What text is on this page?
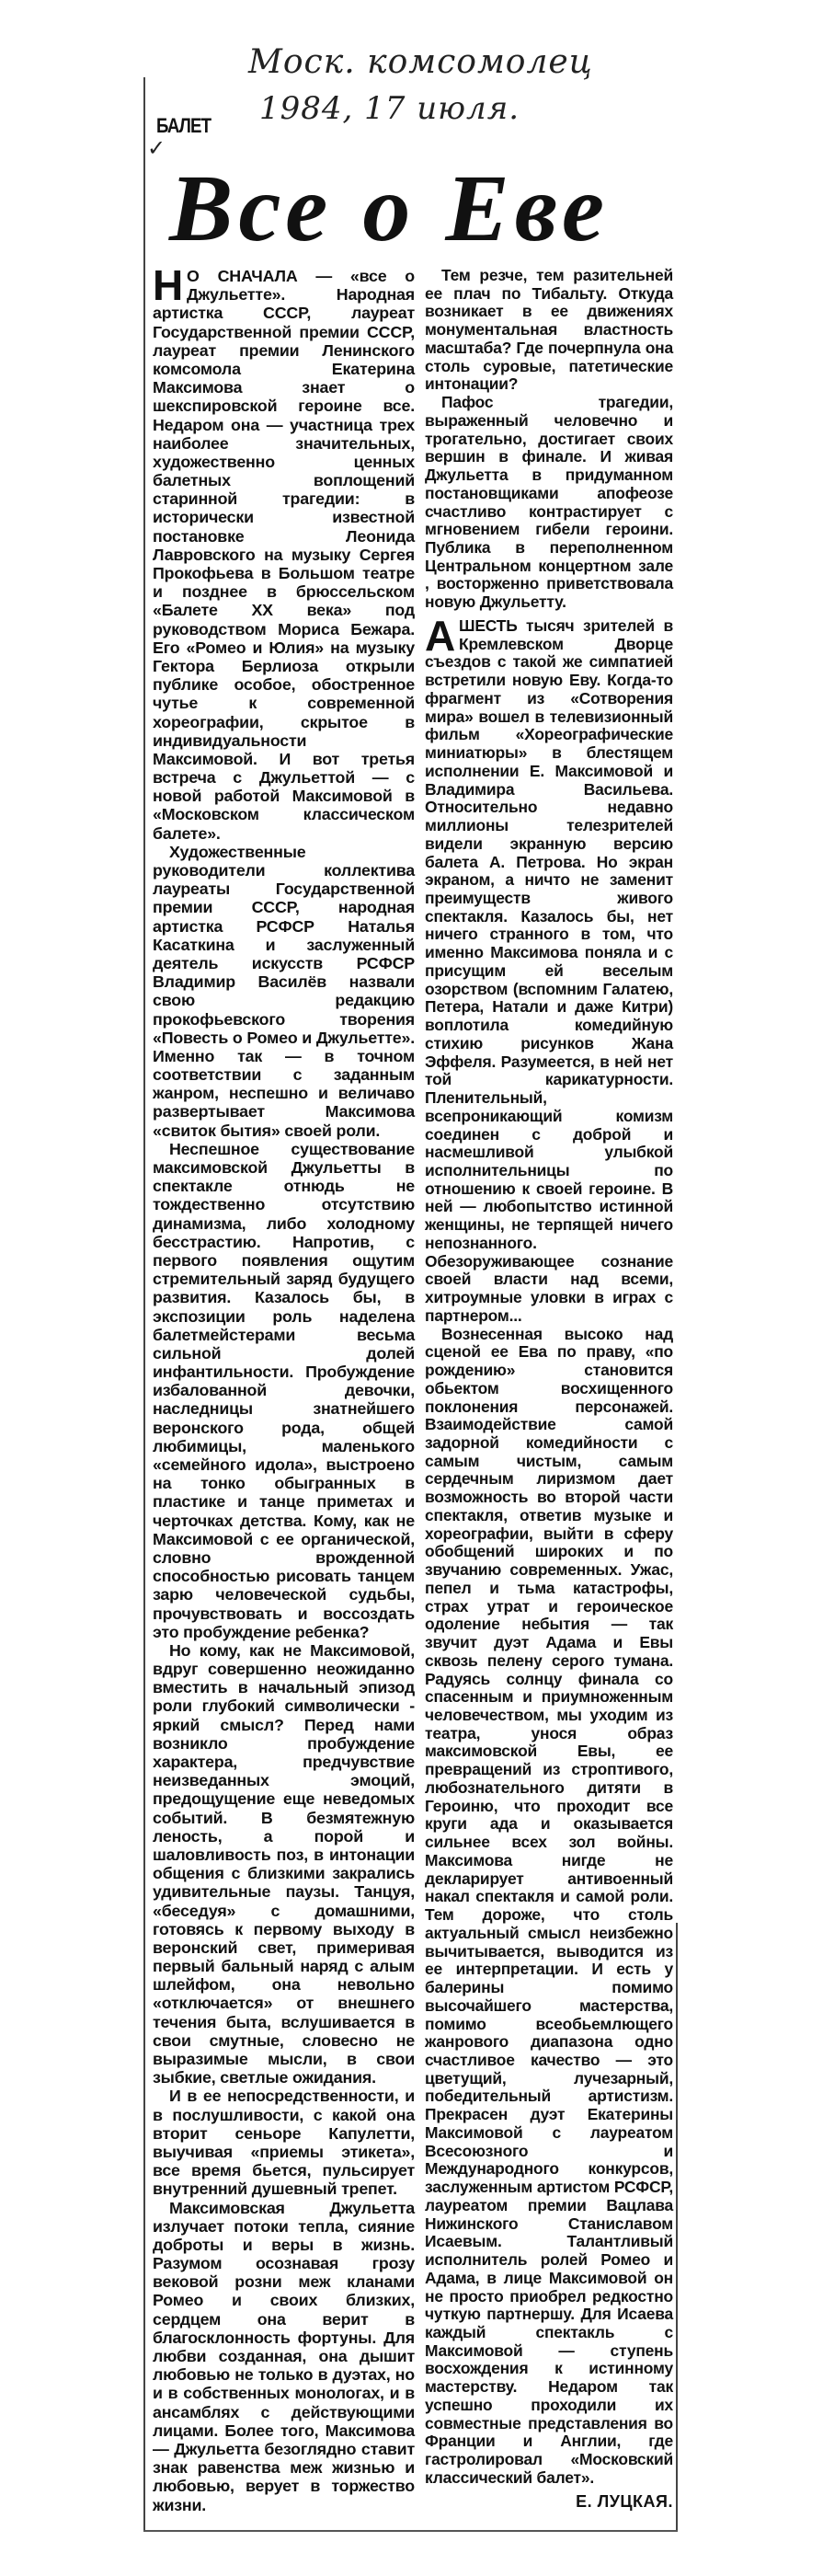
Моск. комсомолец
1984, 17 июля.
БАЛЕТ
✓
Все о Еве

Н О СНАЧАЛА — «все о Джульетте». Народная артистка СССР, лауреат Государственной премии СССР, лауреат премии Ленинского комсомола Екатерина Максимова знает о шекспировской героине все. Недаром она — участница трех наиболее значительных, художественно ценных балетных воплощений старинной трагедии: в исторически известной постановке Леонида Лавровского на музыку Сергея Прокофьева в Большом театре и позднее в брюссельском «Балете XX века» под руководством Мориса Бежара. Его «Ромео и Юлия» на музыку Гектора Берлиоза открыли публике особое, обостренное чутье к современной хореографии, скрытое в индивидуальности Максимовой. И вот третья встреча с Джульеттой — с новой работой Максимовой в «Московском классическом балете».

Художественные руководители коллектива лауреаты Государственной премии СССР, народная артистка РСФСР Наталья Касаткина и заслуженный деятель искусств РСФСР Владимир Василёв назвали свою редакцию прокофьевского творения «Повесть о Ромео и Джульетте». Именно так — в точном соответствии с заданным жанром, неспешно и величаво развертывает Максимова «свиток бытия» своей роли.

Неспешное существование максимовской Джульетты в спектакле отнюдь не тождественно отсутствию динамизма, либо холодному бесстрастию. Напротив, с первого появления ощутим стремительный заряд будущего развития. Казалось бы, в экспозиции роль наделена балетмейстерами весьма сильной долей инфантильности. Пробуждение избалованной девочки, наследницы знатнейшего веронского рода, общей любимицы, маленького «семейного идола», выстроено на тонко обыгранных в пластике и танце приметах и черточках детства. Кому, как не Максимовой с ее органической, словно врожденной способностью рисовать танцем зарю человеческой судьбы, прочувствовать и воссоздать это пробуждение ребенка?

Но кому, как не Максимовой, вдруг совершенно неожиданно вместить в начальный эпизод роли глубокий символически - яркий смысл? Перед нами возникло пробуждение характера, предчувствие неизведанных эмоций, предощущение еще неведомых событий. В безмятежную леность, а порой и шаловливость поз, в интонации общения с близкими закрались удивительные паузы. Танцуя, «беседуя» с домашними, готовясь к первому выходу в веронский свет, примеривая первый бальный наряд с алым шлейфом, она невольно «отключается» от внешнего течения быта, вслушивается в свои смутные, словесно не выразимые мысли, в свои зыбкие, светлые ожидания.

И в ее непосредственности, и в послушливости, с какой она вторит сеньоре Капулетти, выучивая «приемы этикета», все время бьется, пульсирует внутренний душевный трепет.

Максимовская Джульетта излучает потоки тепла, сияние доброты и веры в жизнь. Разумом осознавая грозу вековой розни меж кланами Ромео и своих близких, сердцем она верит в благосклонность фортуны. Для любви созданная, она дышит любовью не только в дуэтах, но и в собственных монологах, и в ансамблях с действующими лицами. Более того, Максимова — Джульетта безоглядно ставит знак равенства меж жизнью и любовью, верует в торжество жизни.

Тем резче, тем разительней ее плач по Тибальту. Откуда возникает в ее движениях монументальная властность масштаба? Где почерпнула она столь суровые, патетические интонации?

Пафос трагедии, выраженный человечно и трогательно, достигает своих вершин в финале. И живая Джульетта в придуманном постановщиками апофеозе счастливо контрастирует с мгновением гибели героини. Публика в переполненном Центральном концертном зале , восторженно приветствовала новую Джульетту.

АШЕСТЬ тысяч зрителей в Кремлевском Дворце съездов с такой же симпатией встретили новую Еву. Когда-то фрагмент из «Сотворения мира» вошел в телевизионный фильм «Хореографические миниатюры» в блестящем исполнении Е. Максимовой и Владимира Васильева. Относительно недавно миллионы телезрителей видели экранную версию балета А. Петрова. Но экран экраном, а ничто не заменит преимуществ живого спектакля. Казалось бы, нет ничего странного в том, что именно Максимова поняла и с присущим ей веселым озорством (вспомним Галатею, Петера, Натали и даже Китри) воплотила комедийную стихию рисунков Жана Эффеля. Разумеется, в ней нет той карикатурности. Пленительный, всепроникающий комизм соединен с доброй и насмешливой улыбкой исполнительницы по отношению к своей героине. В ней — любопытство истинной женщины, не терпящей ничего непознанного. Обезоруживающее сознание своей власти над всеми, хитроумные уловки в играх с партнером...

Вознесенная высоко над сценой ее Ева по праву, «по рождению» становится обьектом восхищенного поклонения персонажей. Взаимодействие самой задорной комедийности с самым чистым, самым сердечным лиризмом дает возможность во второй части спектакля, ответив музыке и хореографии, выйти в сферу обобщений широких и по звучанию современных. Ужас, пепел и тьма катастрофы, страх утрат и героическое одоление небытия — так звучит дуэт Адама и Евы сквозь пелену серого тумана. Радуясь солнцу финала со спасенным и приумноженным человечеством, мы уходим из театра, унося образ максимовской Евы, ее превращений из строптивого, любознательного дитяти в Героиню, что проходит все круги ада и оказывается сильнее всех зол войны. Максимова нигде не декларирует антивоенный накал спектакля и самой роли. Тем дороже, что столь актуальный смысл неизбежно вычитывается, выводится из ее интерпретации. И есть у балерины помимо высочайшего мастерства, помимо всеобьемлющего жанрового диапазона одно счастливое качество — это цветущий, лучезарный, победительный артистизм. Прекрасен дуэт Екатерины Максимовой с лауреатом Всесоюзного и Международного конкурсов, заслуженным артистом РСФСР, лауреатом премии Вацлава Нижинского Станиславом Исаевым. Талантливый исполнитель ролей Ромео и Адама, в лице Максимовой он не просто приобрел редкостно чуткую партнершу. Для Исаева каждый спектакль с Максимовой — ступень восхождения к истинному мастерству. Недаром так успешно проходили их совместные представления во Франции и Англии, где гастролировал «Московский классический балет».

Е. ЛУЦКАЯ.
